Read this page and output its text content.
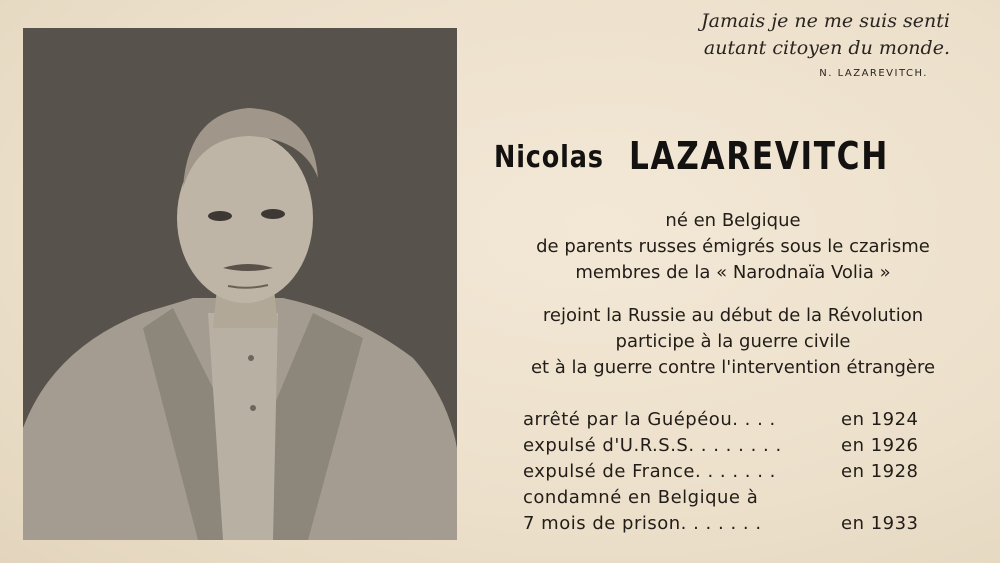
Jamais je ne me suis senti
autant citoyen du monde.
N. LAZAREVITCH.
Nicolas LAZAREVITCH
né en Belgique
de parents russes émigrés sous le czarisme
membres de la « Narodnaïa Volia »
rejoint la Russie au début de la Révolution
participe à la guerre civile
et à la guerre contre l'intervention étrangère
arrêté par la Guépéou. . . .	en 1924
expulsé d'U.R.S.S. . . . . . . .	en 1926
expulsé de France. . . . . . .	en 1928
condamné en Belgique à
7 mois de prison. . . . . . .	en 1933
